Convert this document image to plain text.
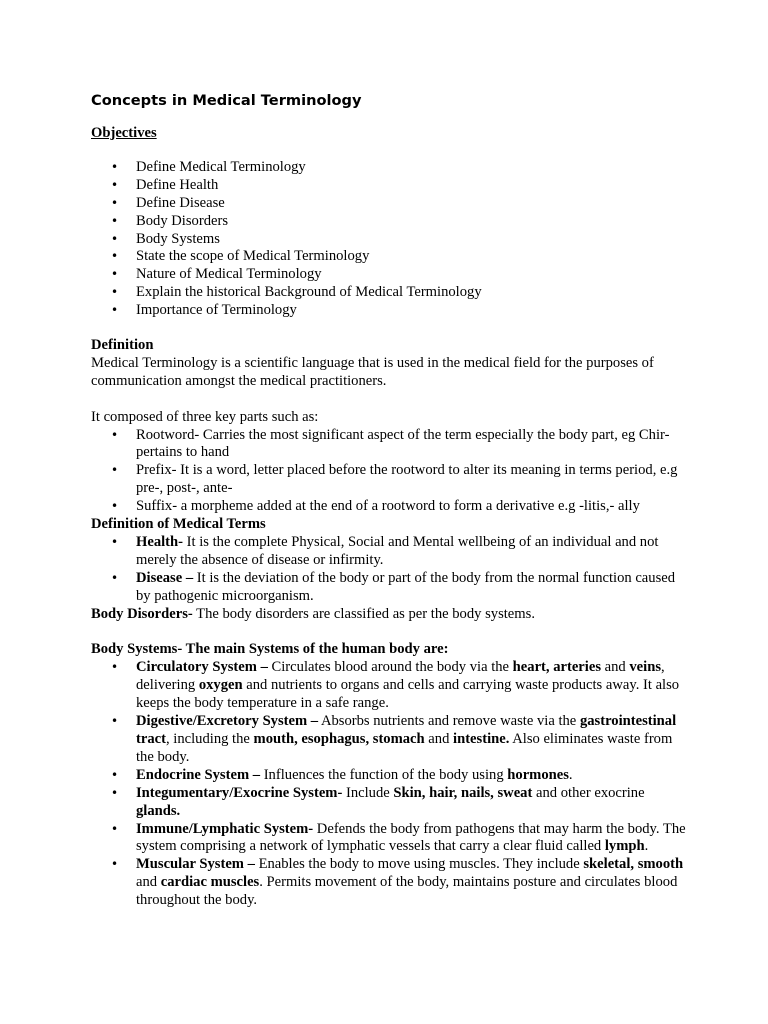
Concepts in Medical Terminology
Objectives
• Define Medical Terminology
• Define Health
• Define Disease
• Body Disorders
• Body Systems
• State the scope of Medical Terminology
• Nature of Medical Terminology
• Explain the historical Background of Medical Terminology
• Importance of Terminology
Definition

Medical Terminology is a scientific language that is used in the medical field for the purposes of communication amongst the medical practitioners.

It composed of three key parts such as:

• Rootword- Carries the most significant aspect of the term especially the body part, eg Chir- pertains to hand
• Prefix- It is a word, letter placed before the rootword to alter its meaning in terms period, e.g pre-, post-, ante-
• Suffix- a morpheme added at the end of a rootword to form a derivative e.g -litis,- ally
Definition of Medical Terms
• Health- It is the complete Physical, Social and Mental wellbeing of an individual and not merely the absence of disease or infirmity.
• Disease – It is the deviation of the body or part of the body from the normal function caused by pathogenic microorganism.

Body Disorders- The body disorders are classified as per the body systems.

Body Systems- The main Systems of the human body are:
• Circulatory System – Circulates blood around the body via the heart, arteries and veins, delivering oxygen and nutrients to organs and cells and carrying waste products away. It also keeps the body temperature in a safe range.
• Digestive/Excretory System – Absorbs nutrients and remove waste via the gastrointestinal tract, including the mouth, esophagus, stomach and intestine. Also eliminates waste from the body.
• Endocrine System – Influences the function of the body using hormones.
• Integumentary/Exocrine System- Include Skin, hair, nails, sweat and other exocrine glands.
• Immune/Lymphatic System- Defends the body from pathogens that may harm the body. The system comprising a network of lymphatic vessels that carry a clear fluid called lymph.
• Muscular System – Enables the body to move using muscles. They include skeletal, smooth and cardiac muscles. Permits movement of the body, maintains posture and circulates blood throughout the body.
